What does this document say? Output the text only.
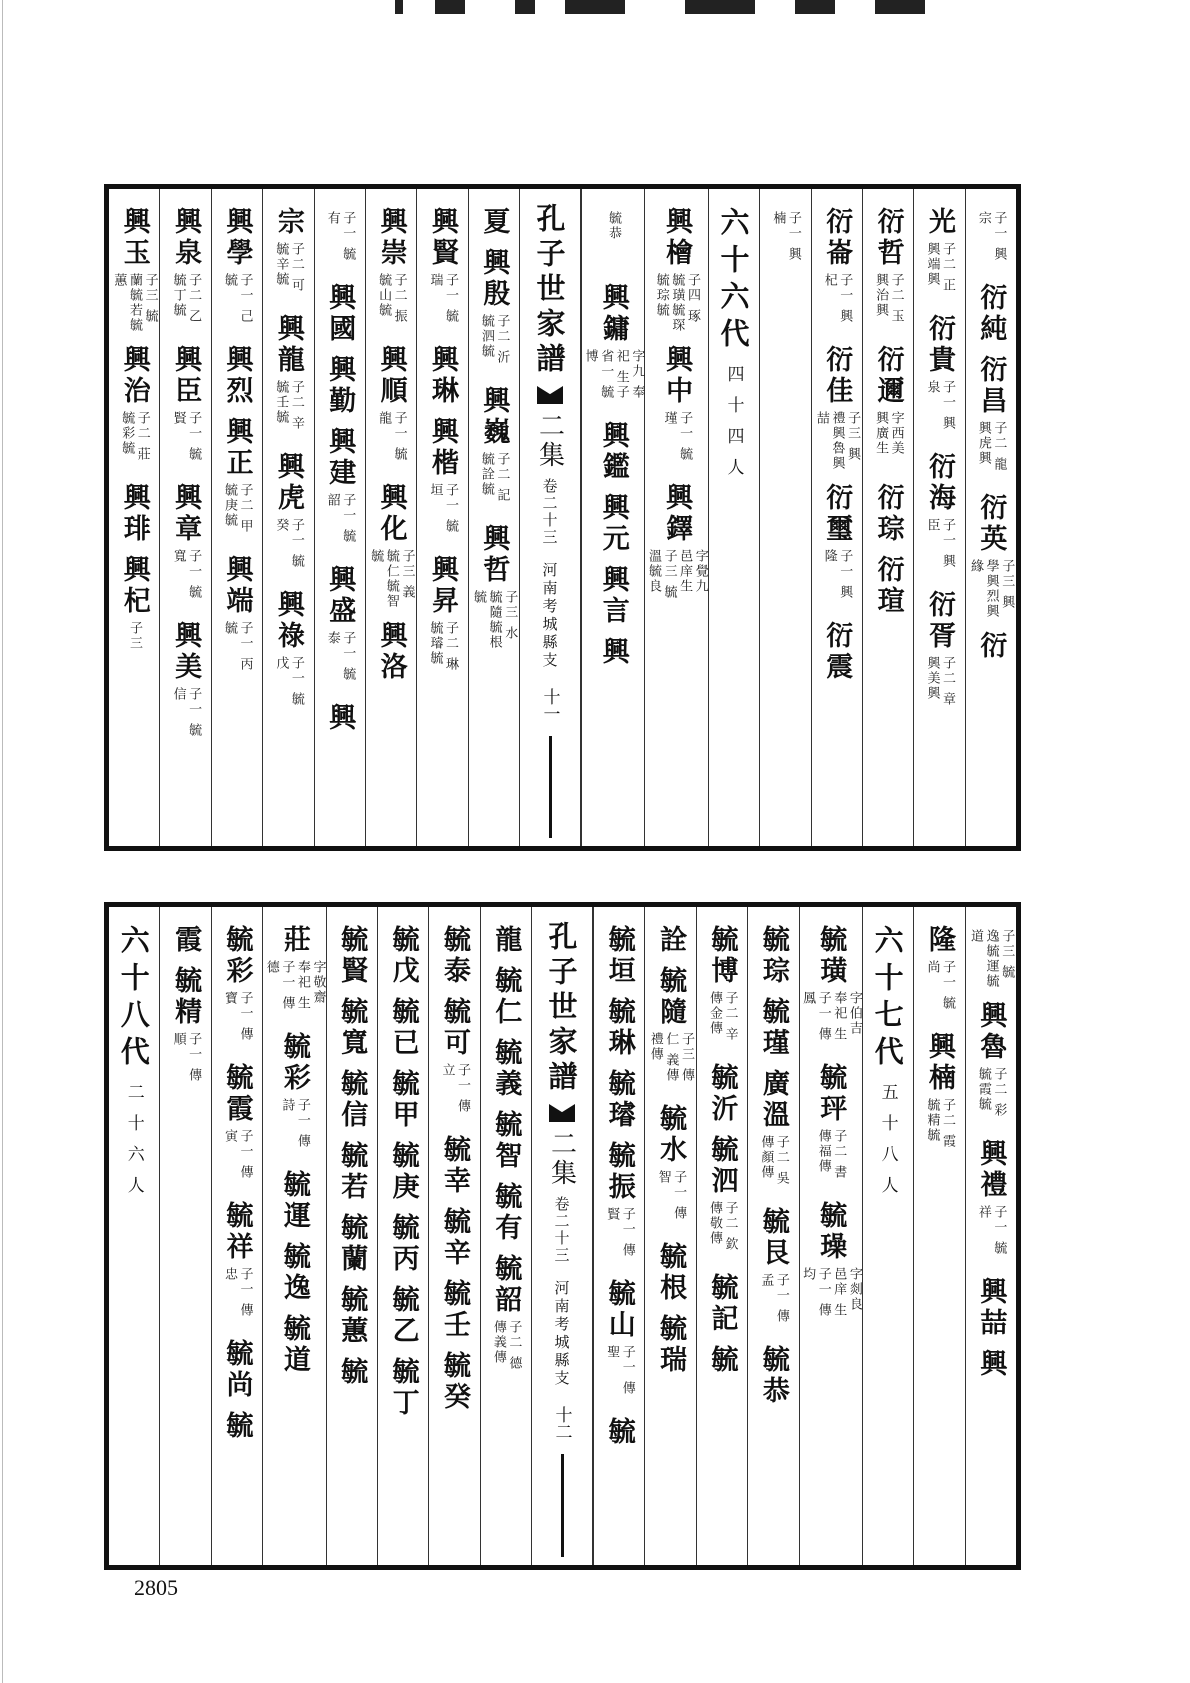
子一 興宗
衍純
衍昌
子二 龍興虎興
衍英
子三 興學興烈興緣
衍
光
子二 正興端興
衍貴
子一 興泉
衍海
子一 興臣
衍胥
子二 章興美興
衍哲
子二 玉興治興
衍邇
字西美 興廣生
衍琮
衍瑄
衍崙
子一 興杞
衍佳
子三 興禮興魯興喆
衍璽
子一 興隆
衍震
子一 興楠
六十六代
四十四人
興檜
子四 琢毓璜毓琛毓琮毓
興中
子一 毓瑾
興鐸
字覺九 邑庠生 子三 毓溫毓良
毓恭
興鏞
字九 奉祀 生子省一 毓博
興鑑
興元
興言
興
孔子世家譜
二集
卷二十三
河南考城縣支
十一
夏
興殷
子二 沂毓泗毓
興巍
子二 記毓詮毓
興哲
子三 水毓隨毓根毓
興賢
子一 毓瑞
興琳
興楷
子一 毓垣
興昇
子二 琳毓璿毓
興崇
子二 振毓山毓
興順
子一 毓龍
興化
子三 義毓仁毓智毓
興洛
子一 毓有
興國
興勤
興建
子一 毓韶
興盛
子一 毓泰
興
宗
子二 可毓辛毓
興龍
子二 辛毓壬毓
興虎
子一 毓癸
興祿
子一 毓戊
興學
子一 己毓
興烈
興正
子二 甲毓庚毓
興端
子一 丙毓
興泉
子二 乙毓丁毓
興臣
子一 毓賢
興章
子一 毓寬
興美
子一 毓信
興玉
子三 毓蘭毓若毓蕙
興治
子二 莊毓彩毓
興琲
興杞
子三
子三 毓逸毓運毓道
興魯
子二 彩毓霞毓
興禮
子一 毓祥
興喆
興
隆
子一 毓尚
興楠
子二 霞毓精毓
六十七代
五十八人
毓璜
字伯吉 奉祀 生子一 傳鳳
毓玶
子二 書傳福傳
毓璪
字剡良 邑庠 生子一 傳均
毓琮
毓瑾
廣溫
子二 吳傳顏傳
毓艮
子一 傳孟
毓恭
毓博
子二 辛傳金傳
毓沂
毓泗
子二 欽傳敬傳
毓記
毓
詮
毓隨
子三 傳仁 義傳禮傳
毓水
子一 傳智
毓根
毓瑞
毓垣
毓琳
毓璿
毓振
子一 傳賢
毓山
子一 傳聖
毓
孔子世家譜
二集
卷二十三
河南考城縣支
十二
龍
毓仁
毓義
毓智
毓有
毓韶
子二 德傳義傳
毓泰
毓可
子一 傳立
毓幸
毓辛
毓壬
毓癸
毓戊
毓已
毓甲
毓庚
毓丙
毓乙
毓丁
毓賢
毓寬
毓信
毓若
毓蘭
毓蕙
毓
莊
字敬齋 奉祀 生子一 傳德
毓彩
子一 傳詩
毓運
毓逸
毓道
毓彩
子一 傳寶
毓霞
子一 傳寅
毓祥
子一 傳忠
毓尚
毓
霞
毓精
子一 傳順
六十八代
二十六人
2805
